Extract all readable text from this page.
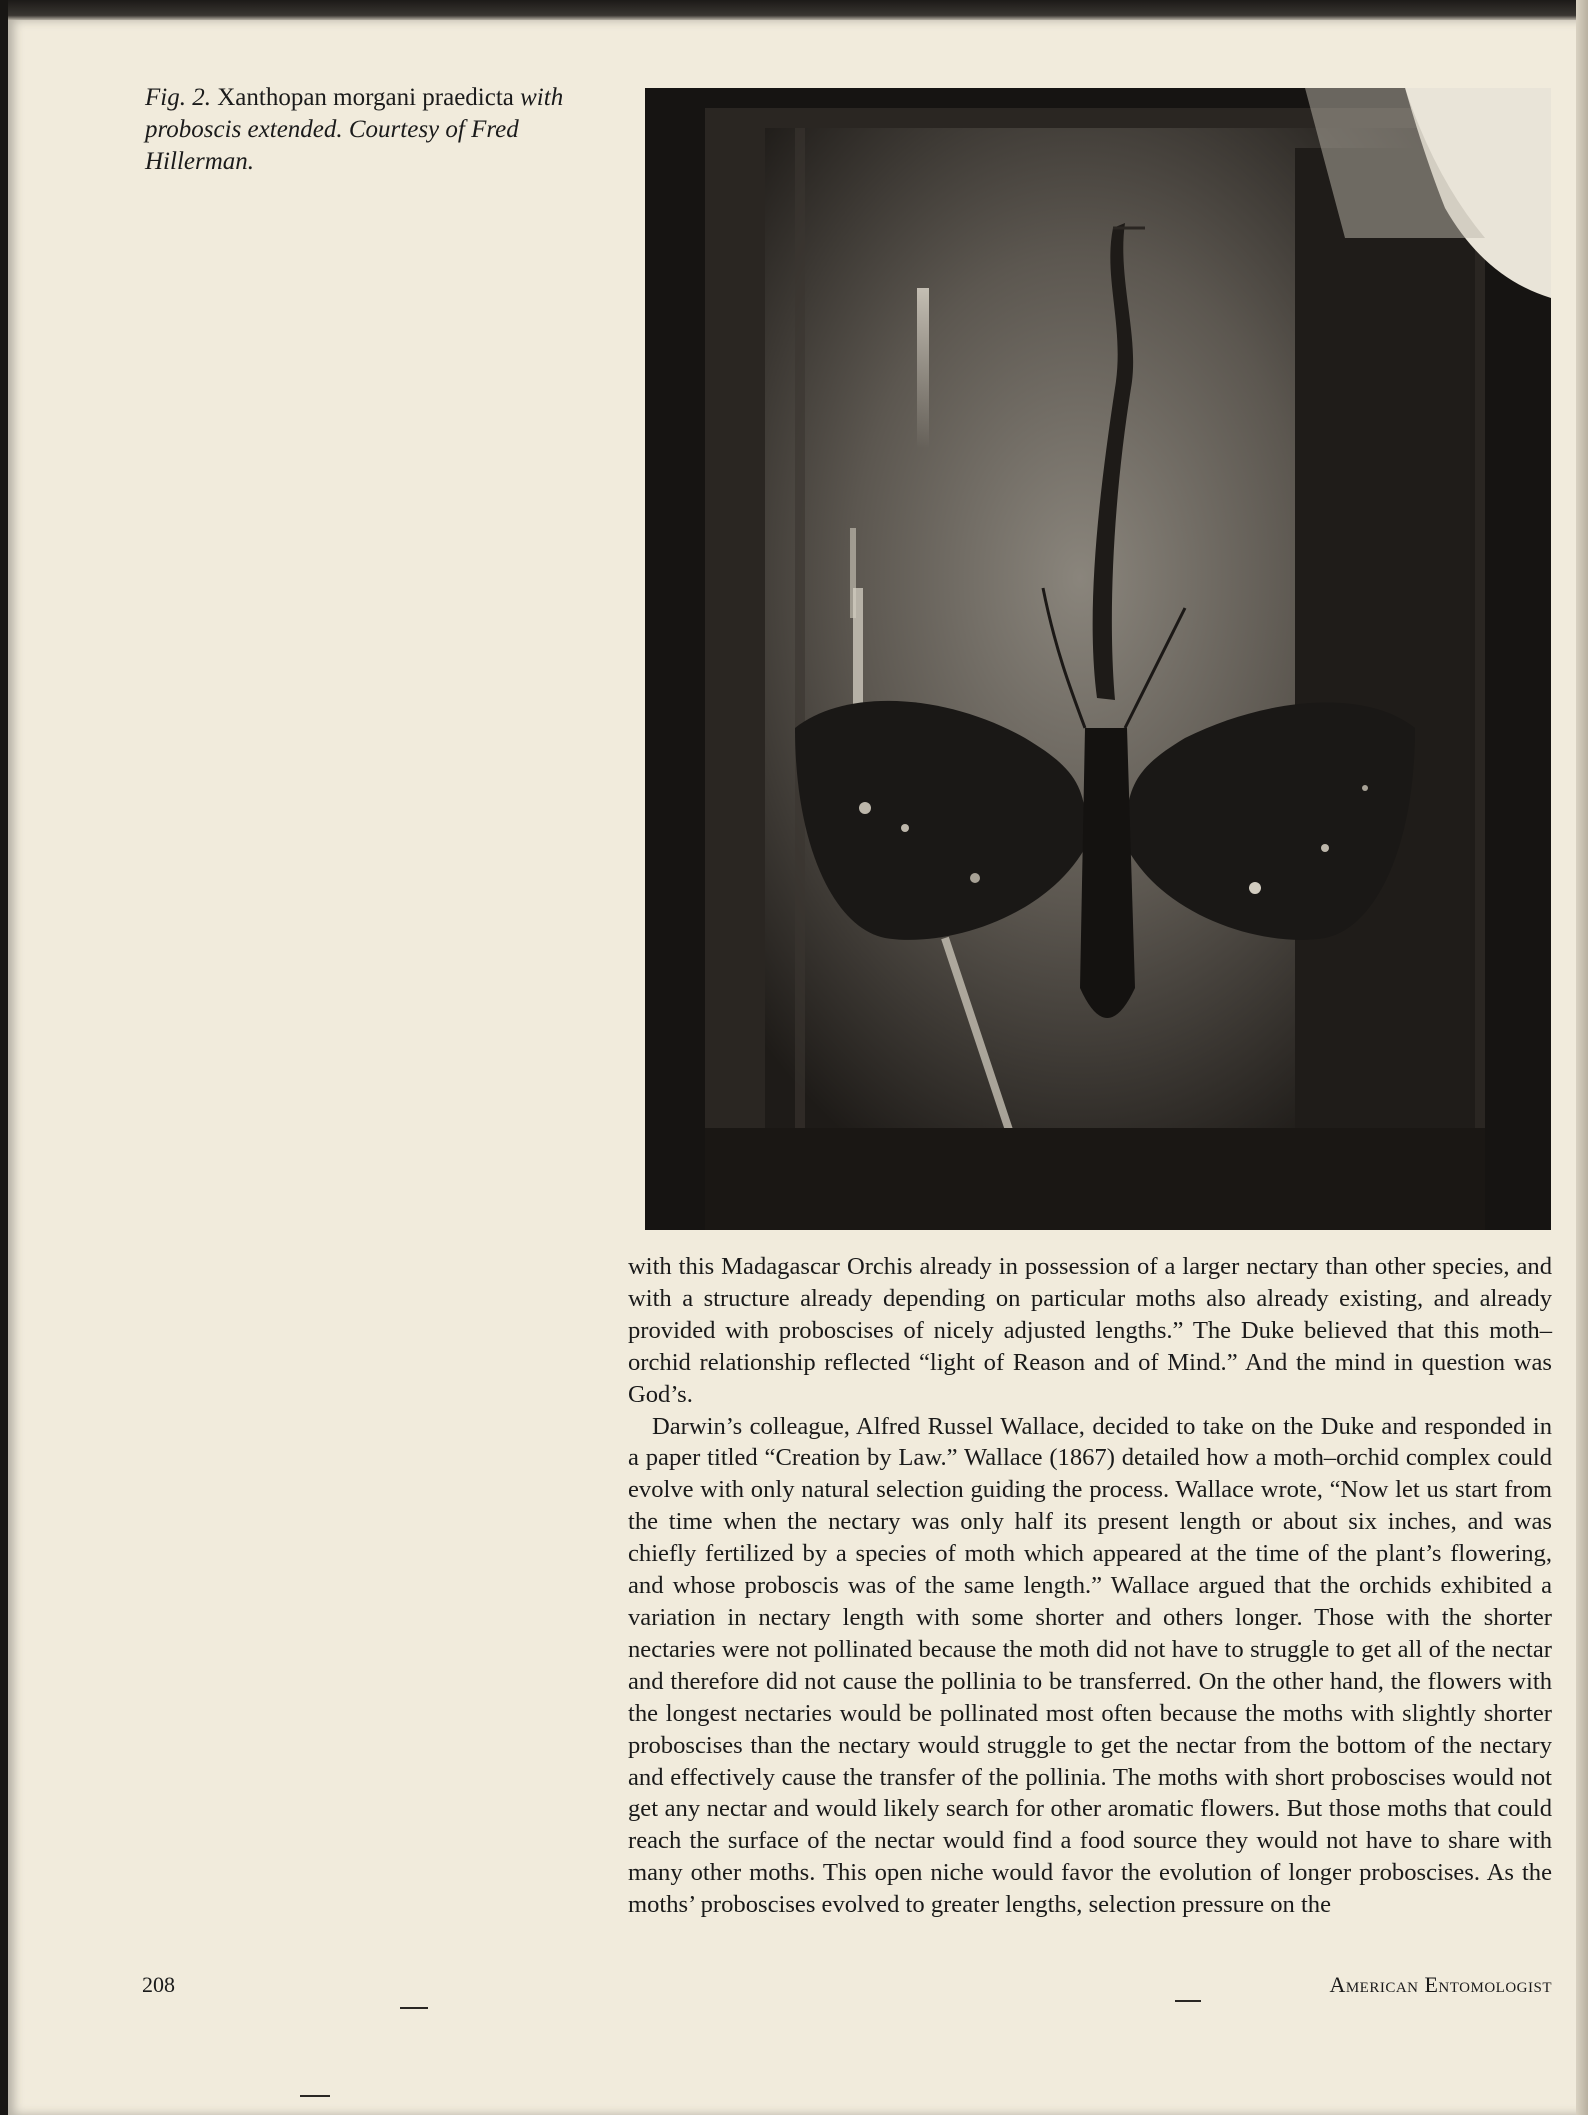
Fig. 2. Xanthopan morgani praedicta with proboscis extended. Courtesy of Fred Hillerman.

with this Madagascar Orchis already in possession of a larger nectary than other species, and with a structure already depending on particular moths also already existing, and already provided with proboscises of nicely adjusted lengths.” The Duke believed that this moth–orchid relationship reflected “light of Reason and of Mind.” And the mind in question was God’s.

Darwin’s colleague, Alfred Russel Wallace, decided to take on the Duke and responded in a paper titled “Creation by Law.” Wallace (1867) detailed how a moth–orchid complex could evolve with only natural selection guiding the process. Wallace wrote, “Now let us start from the time when the nectary was only half its present length or about six inches, and was chiefly fertilized by a species of moth which appeared at the time of the plant’s flowering, and whose proboscis was of the same length.” Wallace argued that the orchids exhibited a variation in nectary length with some shorter and others longer. Those with the shorter nectaries were not pollinated because the moth did not have to struggle to get all of the nectar and therefore did not cause the pollinia to be transferred. On the other hand, the flowers with the longest nectaries would be pollinated most often because the moths with slightly shorter proboscises than the nectary would struggle to get the nectar from the bottom of the nectary and effectively cause the transfer of the pollinia. The moths with short proboscises would not get any nectar and would likely search for other aromatic flowers. But those moths that could reach the surface of the nectar would find a food source they would not have to share with many other moths. This open niche would favor the evolution of longer proboscises. As the moths’ proboscises evolved to greater lengths, selection pressure on the

208	American Entomologist
